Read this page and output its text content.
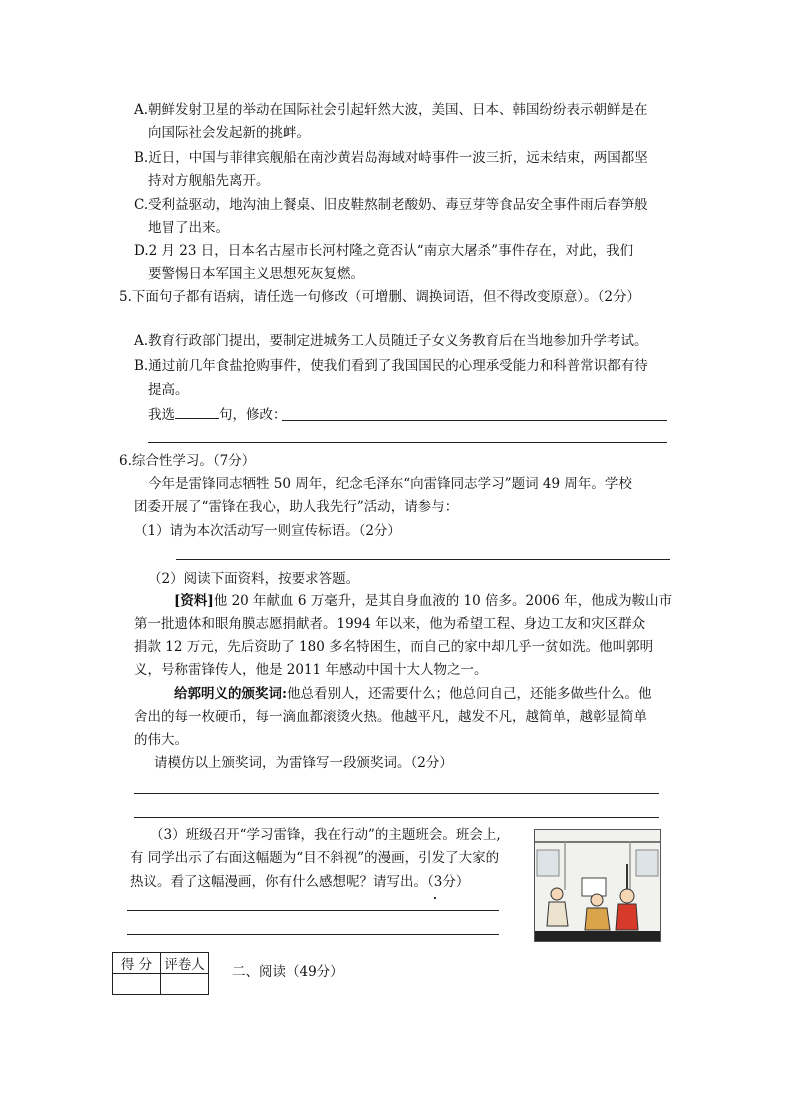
A.朝鲜发射卫星的举动在国际社会引起轩然大波，美国、日本、韩国纷纷表示朝鲜是在
向国际社会发起新的挑衅。
B.近日，中国与菲律宾舰船在南沙黄岩岛海域对峙事件一波三折，远未结束，两国都坚
持对方舰船先离开。
C.受利益驱动，地沟油上餐桌、旧皮鞋熬制老酸奶、毒豆芽等食品安全事件雨后春笋般
地冒了出来。
D.2 月 23 日，日本名古屋市长河村隆之竟否认“南京大屠杀”事件存在，对此，我们
要警惕日本军国主义思想死灰复燃。
5.下面句子都有语病，请任选一句修改（可增删、调换词语，但不得改变原意）。（2分）
A.教育行政部门提出，要制定进城务工人员随迁子女义务教育后在当地参加升学考试。
B.通过前几年食盐抢购事件，使我们看到了我国国民的心理承受能力和科普常识都有待
提高。
我选	句，修改：
6.综合性学习。（7分）
今年是雷锋同志牺牲 50 周年，纪念毛泽东“向雷锋同志学习”题词 49 周年。学校
团委开展了“雷锋在我心，助人我先行”活动，请参与：
（1）请为本次活动写一则宣传标语。（2分）
（2）阅读下面资料，按要求答题。
[资料]他 20 年献血 6 万毫升，是其自身血液的 10 倍多。2006 年，他成为鞍山市
第一批遗体和眼角膜志愿捐献者。1994 年以来，他为希望工程、身边工友和灾区群众
捐款 12 万元，先后资助了 180 多名特困生，而自己的家中却几乎一贫如洗。他叫郭明
义，号称雷锋传人，他是 2011 年感动中国十大人物之一。
给郭明义的颁奖词:他总看别人，还需要什么；他总问自己，还能多做些什么。他
舍出的每一枚硬币，每一滴血都滚烫火热。他越平凡，越发不凡，越简单，越彰显简单
的伟大。
请模仿以上颁奖词，为雷锋写一段颁奖词。（2分）
（3）班级召开“学习雷锋，我在行动”的主题班会。班会上,
有 同学出示了右面这幅题为“目不斜视”的漫画，引发了大家的
热议。看了这幅漫画，你有什么感想呢？请写出。（3分）
得 分	评卷人
	二、阅读（49分）
